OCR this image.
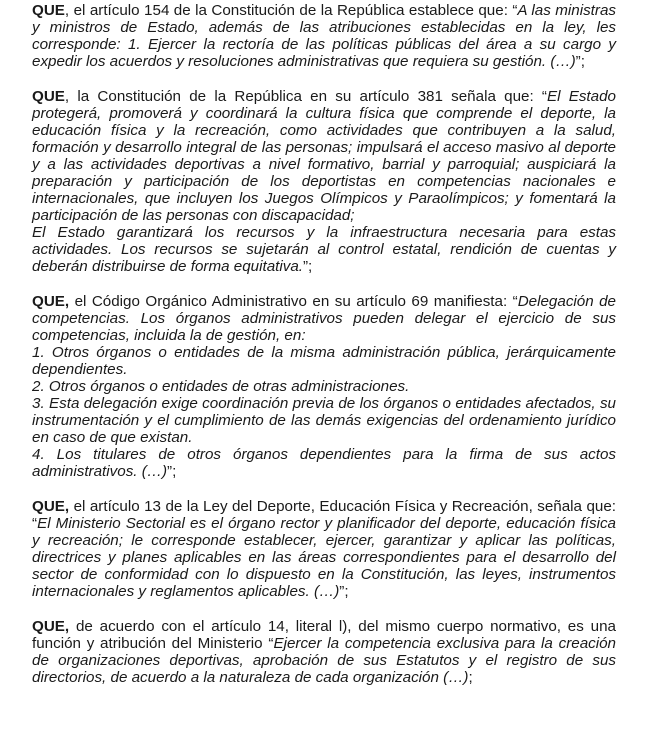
QUE, el artículo 154 de la Constitución de la República establece que: “A las ministras y ministros de Estado, además de las atribuciones establecidas en la ley, les corresponde: 1. Ejercer la rectoría de las políticas públicas del área a su cargo y expedir los acuerdos y resoluciones administrativas que requiera su gestión. (…)”;

QUE, la Constitución de la República en su artículo 381 señala que: “El Estado protegerá, promoverá y coordinará la cultura física que comprende el deporte, la educación física y la recreación, como actividades que contribuyen a la salud, formación y desarrollo integral de las personas; impulsará el acceso masivo al deporte y a las actividades deportivas a nivel formativo, barrial y parroquial; auspiciará la preparación y participación de los deportistas en competencias nacionales e internacionales, que incluyen los Juegos Olímpicos y Paraolímpicos; y fomentará la participación de las personas con discapacidad;

El Estado garantizará los recursos y la infraestructura necesaria para estas actividades. Los recursos se sujetarán al control estatal, rendición de cuentas y deberán distribuirse de forma equitativa.”;

QUE, el Código Orgánico Administrativo en su artículo 69 manifiesta: “Delegación de competencias. Los órganos administrativos pueden delegar el ejercicio de sus competencias, incluida la de gestión, en:

1. Otros órganos o entidades de la misma administración pública, jerárquicamente dependientes.

2. Otros órganos o entidades de otras administraciones.

3. Esta delegación exige coordinación previa de los órganos o entidades afectados, su instrumentación y el cumplimiento de las demás exigencias del ordenamiento jurídico en caso de que existan.

4. Los titulares de otros órganos dependientes para la firma de sus actos administrativos. (…)”;

QUE, el artículo 13 de la Ley del Deporte, Educación Física y Recreación, señala que: “El Ministerio Sectorial es el órgano rector y planificador del deporte, educación física y recreación; le corresponde establecer, ejercer, garantizar y aplicar las políticas, directrices y planes aplicables en las áreas correspondientes para el desarrollo del sector de conformidad con lo dispuesto en la Constitución, las leyes, instrumentos internacionales y reglamentos aplicables. (…)”;

QUE, de acuerdo con el artículo 14, literal l), del mismo cuerpo normativo, es una función y atribución del Ministerio “Ejercer la competencia exclusiva para la creación de organizaciones deportivas, aprobación de sus Estatutos y el registro de sus directorios, de acuerdo a la naturaleza de cada organización (…);
